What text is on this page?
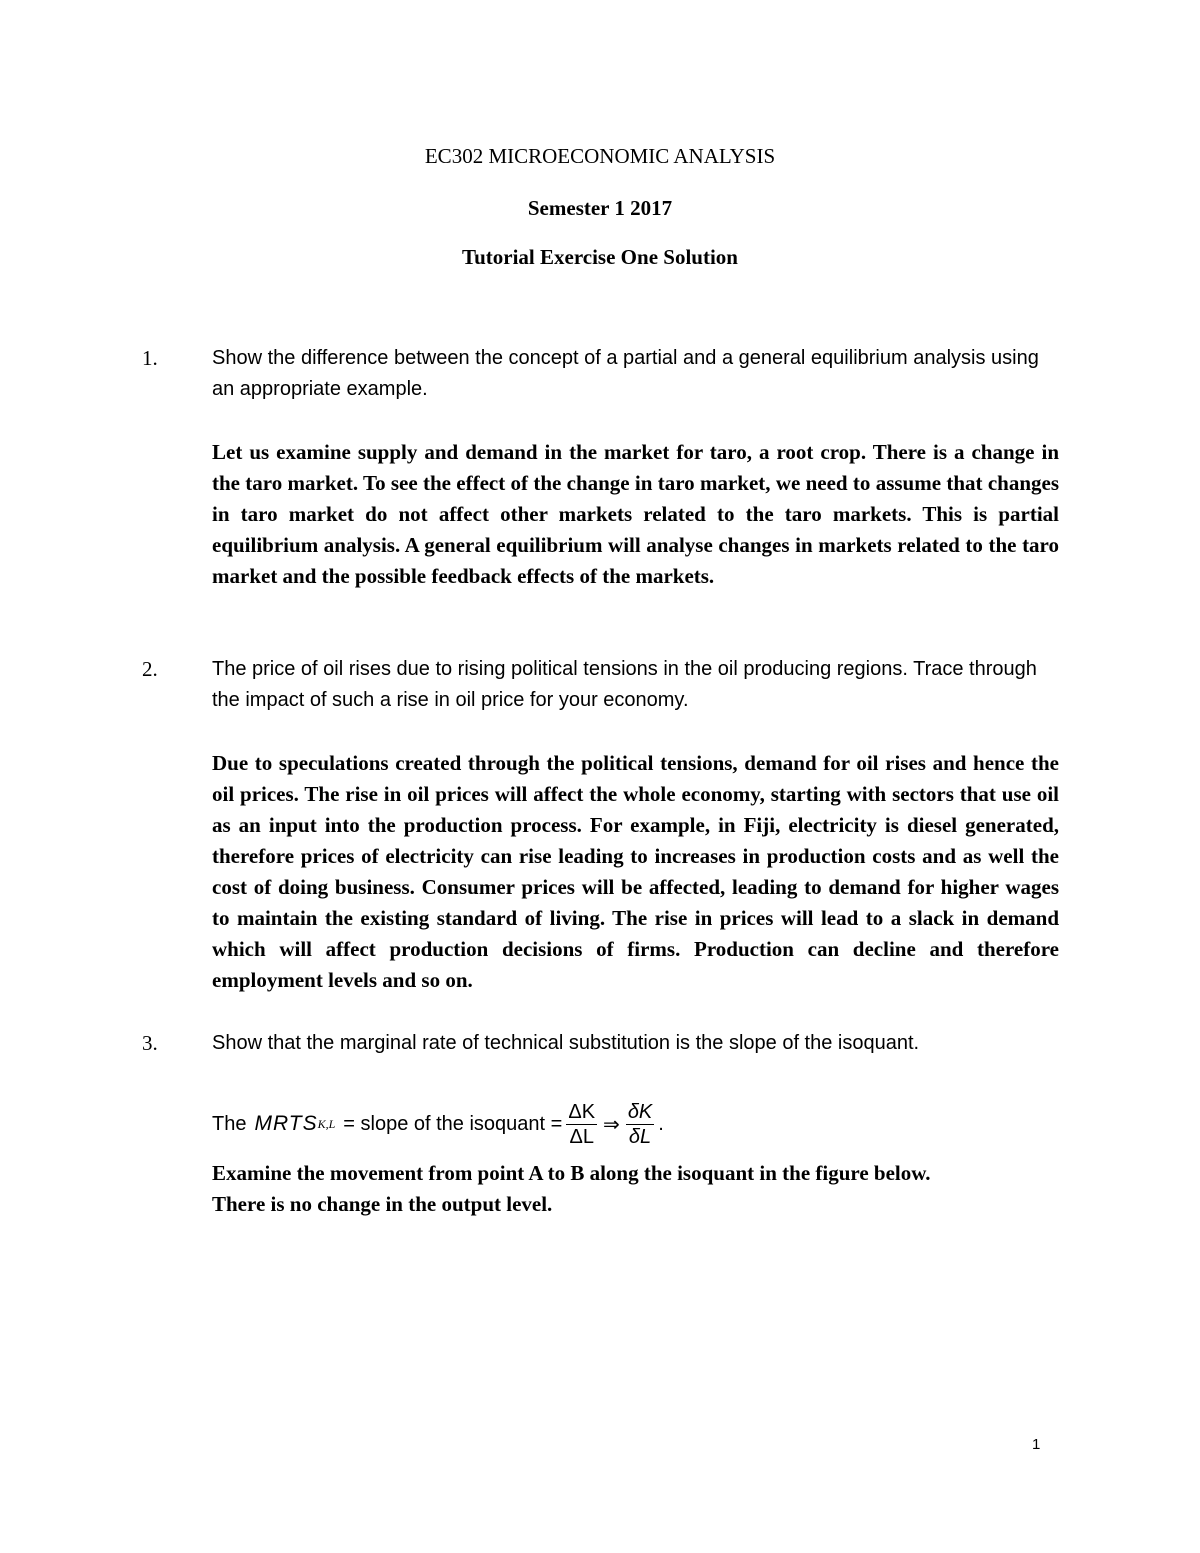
EC302 MICROECONOMIC ANALYSIS
Semester 1 2017
Tutorial Exercise One Solution
1.	Show the difference between the concept of a partial and a general equilibrium analysis using an appropriate example.
Let us examine supply and demand in the market for taro, a root crop. There is a change in the taro market. To see the effect of the change in taro market, we need to assume that changes in taro market do not affect other markets related to the taro markets. This is partial equilibrium analysis. A general equilibrium will analyse changes in markets related to the taro market and the possible feedback effects of the markets.
2.	The price of oil rises due to rising political tensions in the oil producing regions. Trace through the impact of such a rise in oil price for your economy.
Due to speculations created through the political tensions, demand for oil rises and hence the oil prices. The rise in oil prices will affect the whole economy, starting with sectors that use oil as an input into the production process. For example, in Fiji, electricity is diesel generated, therefore prices of electricity can rise leading to increases in production costs and as well the cost of doing business. Consumer prices will be affected, leading to demand for higher wages to maintain the existing standard of living. The rise in prices will lead to a slack in demand which will affect production decisions of firms. Production can decline and therefore employment levels and so on.
3.	Show that the marginal rate of technical substitution is the slope of the isoquant.
The MRTS K,L = slope of the isoquant = $\frac{\Delta K}{\Delta L}$ ⇒ $\frac{\delta K}{\delta L}$ .
Examine the movement from point A to B along the isoquant in the figure below.
There is no change in the output level.
1
